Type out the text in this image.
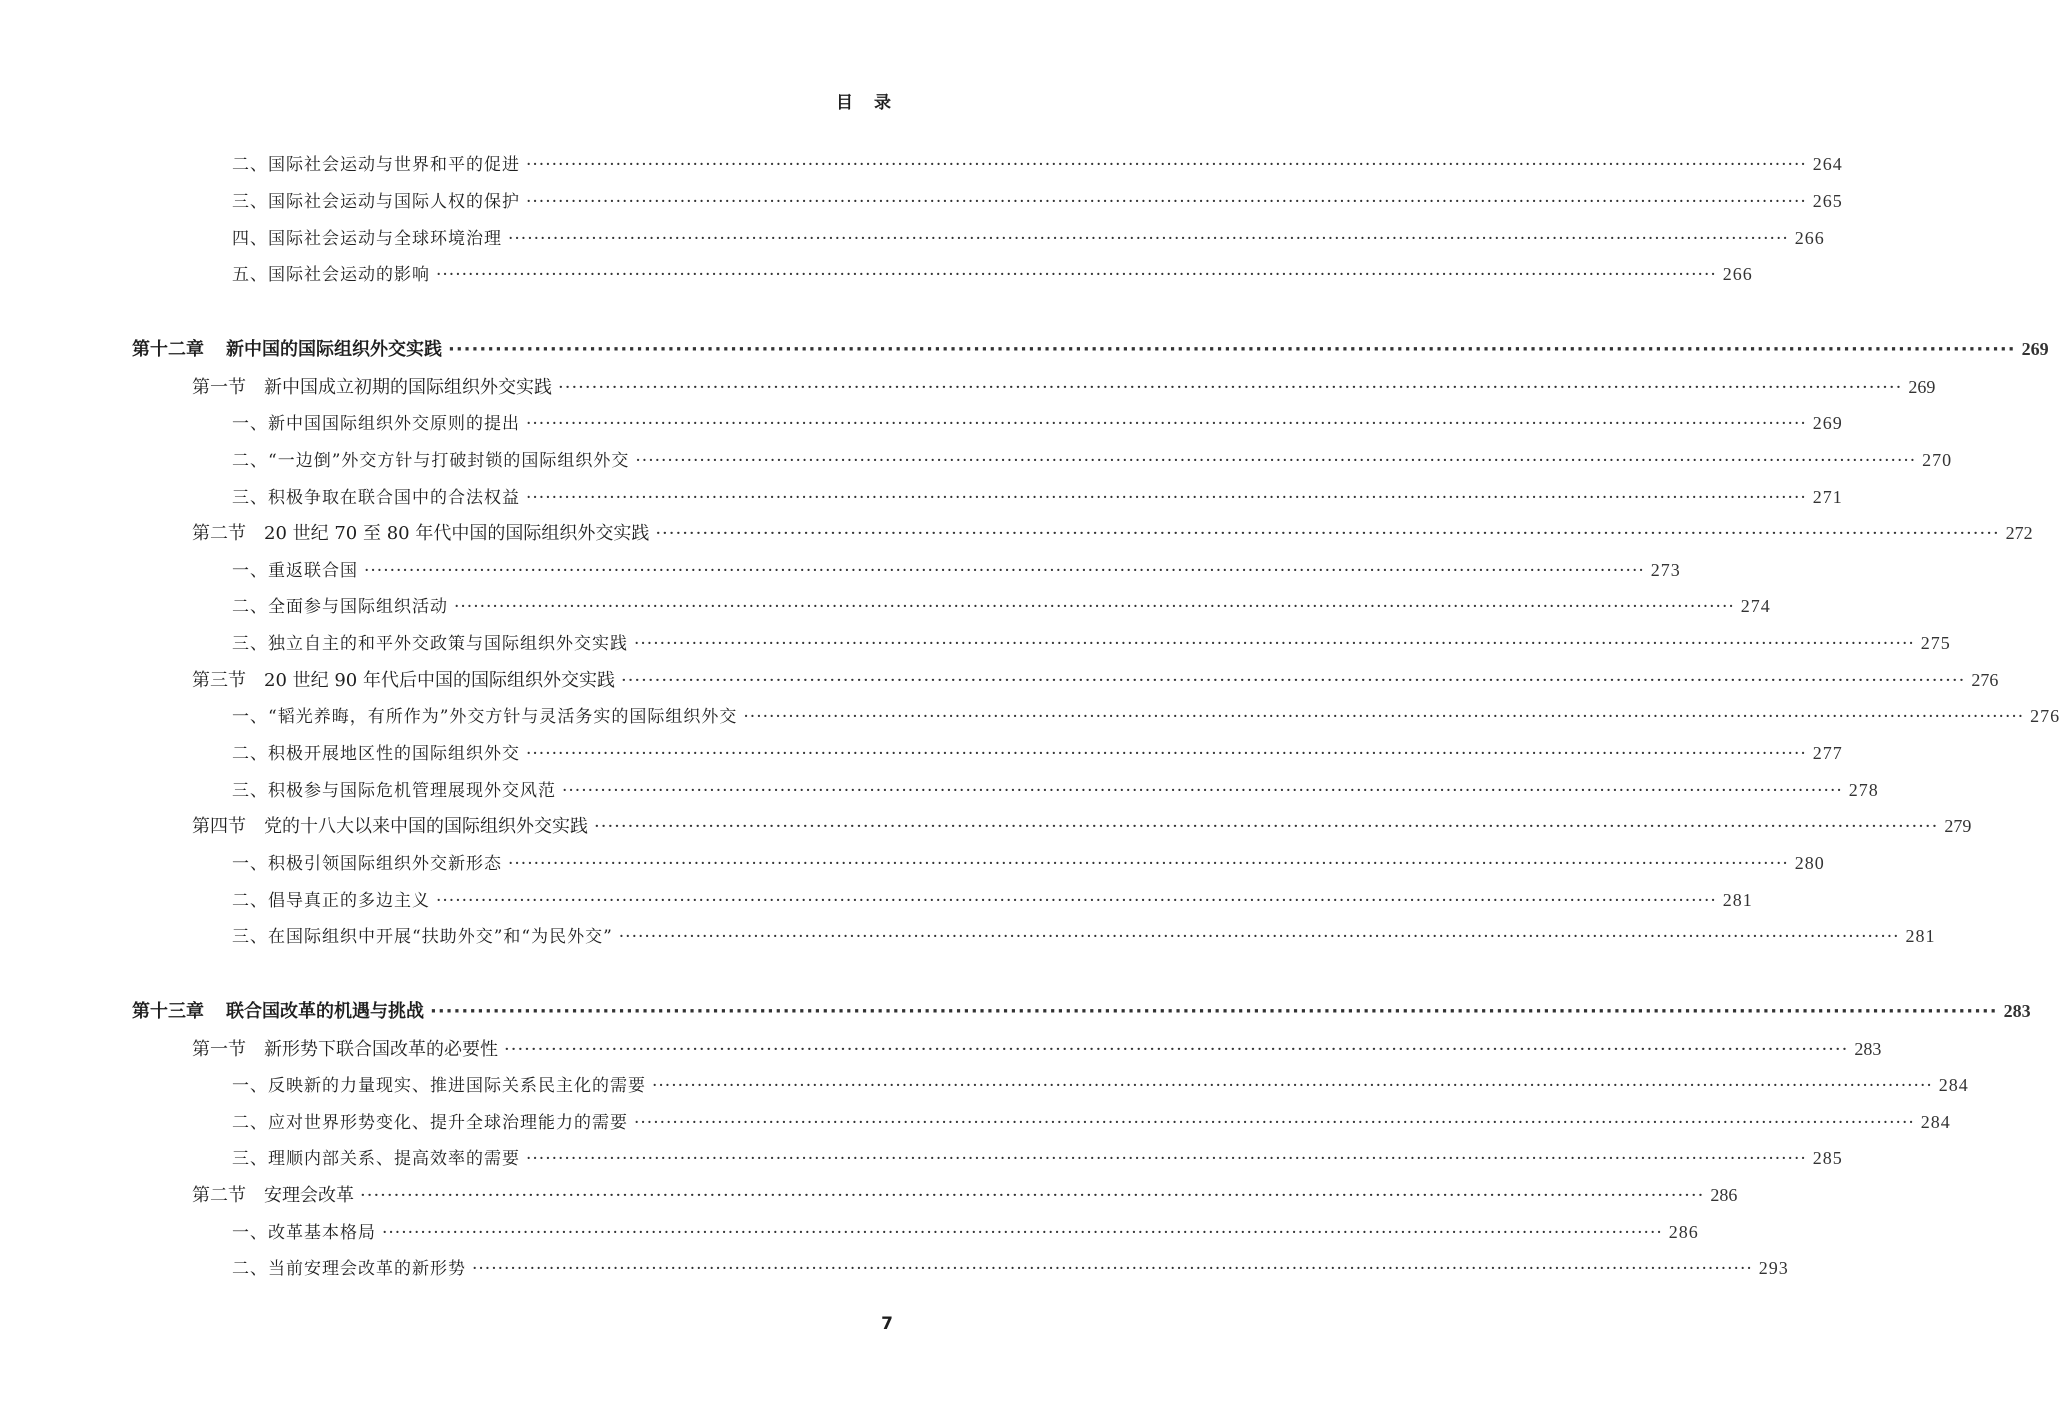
目　录
二、国际社会运动与世界和平的促进 ········································································································································································································ 264
三、国际社会运动与国际人权的保护 ········································································································································································································ 265
四、国际社会运动与全球环境治理 ········································································································································································································ 266
五、国际社会运动的影响 ········································································································································································································ 266
第十二章 新中国的国际组织外交实践 ········································································································································································································ 269
第一节 新中国成立初期的国际组织外交实践 ········································································································································································································ 269
一、新中国国际组织外交原则的提出 ········································································································································································································ 269
二、“一边倒”外交方针与打破封锁的国际组织外交 ········································································································································································································ 270
三、积极争取在联合国中的合法权益 ········································································································································································································ 271
第二节 20 世纪 70 至 80 年代中国的国际组织外交实践 ········································································································································································································ 272
一、重返联合国 ········································································································································································································ 273
二、全面参与国际组织活动 ········································································································································································································ 274
三、独立自主的和平外交政策与国际组织外交实践 ········································································································································································································ 275
第三节 20 世纪 90 年代后中国的国际组织外交实践 ········································································································································································································ 276
一、“韬光养晦，有所作为”外交方针与灵活务实的国际组织外交 ········································································································································································································ 276
二、积极开展地区性的国际组织外交 ········································································································································································································ 277
三、积极参与国际危机管理展现外交风范 ········································································································································································································ 278
第四节 党的十八大以来中国的国际组织外交实践 ········································································································································································································ 279
一、积极引领国际组织外交新形态 ········································································································································································································ 280
二、倡导真正的多边主义 ········································································································································································································ 281
三、在国际组织中开展“扶助外交”和“为民外交” ········································································································································································································ 281
第十三章 联合国改革的机遇与挑战 ········································································································································································································ 283
第一节 新形势下联合国改革的必要性 ········································································································································································································ 283
一、反映新的力量现实、推进国际关系民主化的需要 ········································································································································································································ 284
二、应对世界形势变化、提升全球治理能力的需要 ········································································································································································································ 284
三、理顺内部关系、提高效率的需要 ········································································································································································································ 285
第二节 安理会改革 ········································································································································································································ 286
一、改革基本格局 ········································································································································································································ 286
二、当前安理会改革的新形势 ········································································································································································································ 293
7
